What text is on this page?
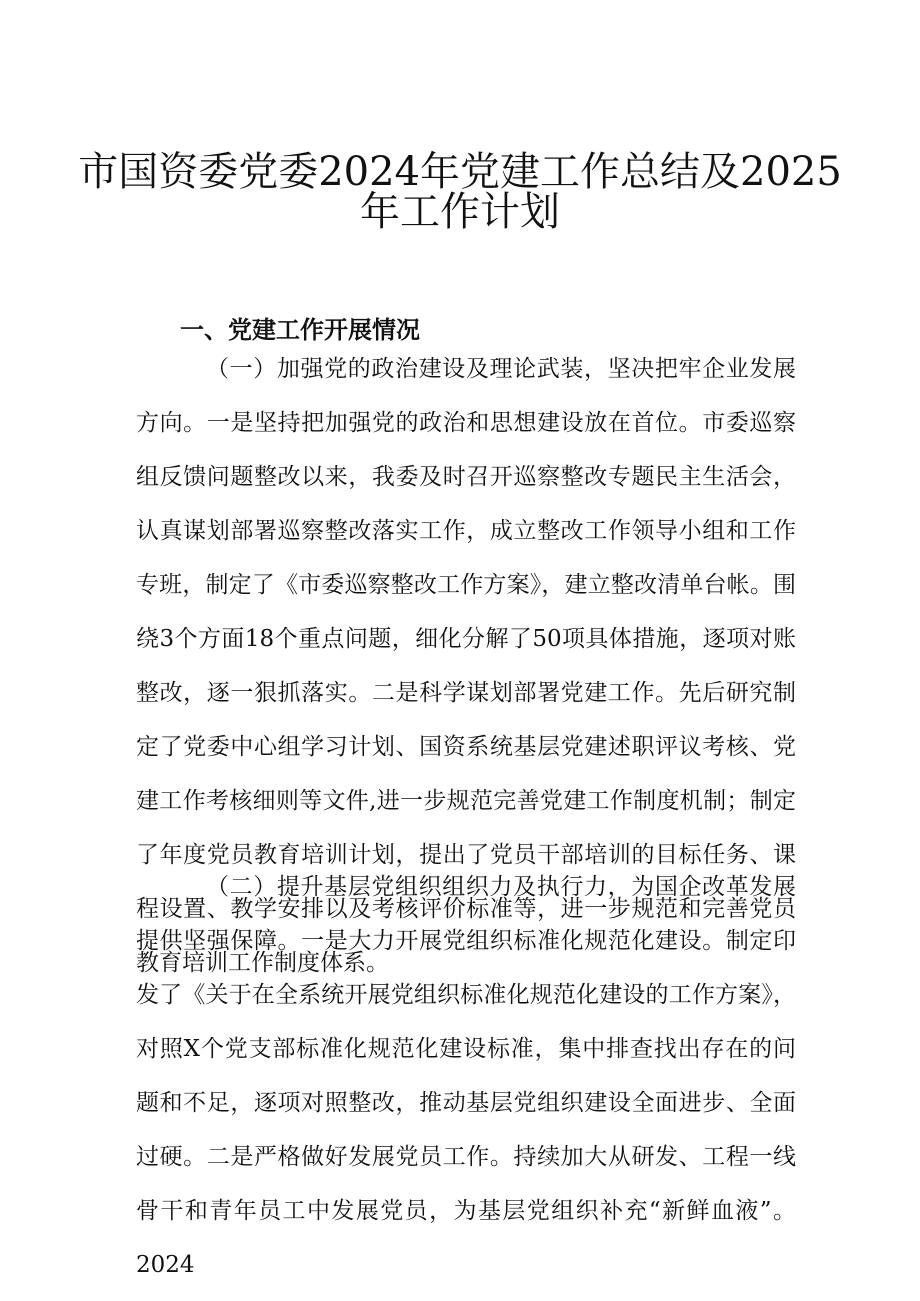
市国资委党委2024年党建工作总结及2025
年工作计划
一、党建工作开展情况

（一）加强党的政治建设及理论武装，坚决把牢企业发展方向。一是坚持把加强党的政治和思想建设放在首位。市委巡察组反馈问题整改以来，我委及时召开巡察整改专题民主生活会，认真谋划部署巡察整改落实工作，成立整改工作领导小组和工作专班，制定了《市委巡察整改工作方案》，建立整改清单台帐。围绕3个方面18个重点问题，细化分解了50项具体措施，逐项对账整改，逐一狠抓落实。二是科学谋划部署党建工作。先后研究制定了党委中心组学习计划、国资系统基层党建述职评议考核、党建工作考核细则等文件,进一步规范完善党建工作制度机制；制定了年度党员教育培训计划，提出了党员干部培训的目标任务、课程设置、教学安排以及考核评价标准等，进一步规范和完善党员教育培训工作制度体系。

（二）提升基层党组织组织力及执行力，为国企改革发展提供坚强保障。一是大力开展党组织标准化规范化建设。制定印发了《关于在全系统开展党组织标准化规范化建设的工作方案》，对照X个党支部标准化规范化建设标准，集中排查找出存在的问题和不足，逐项对照整改，推动基层党组织建设全面进步、全面过硬。二是严格做好发展党员工作。持续加大从研发、工程一线骨干和青年员工中发展党员，为基层党组织补充“新鲜血液”。2024
